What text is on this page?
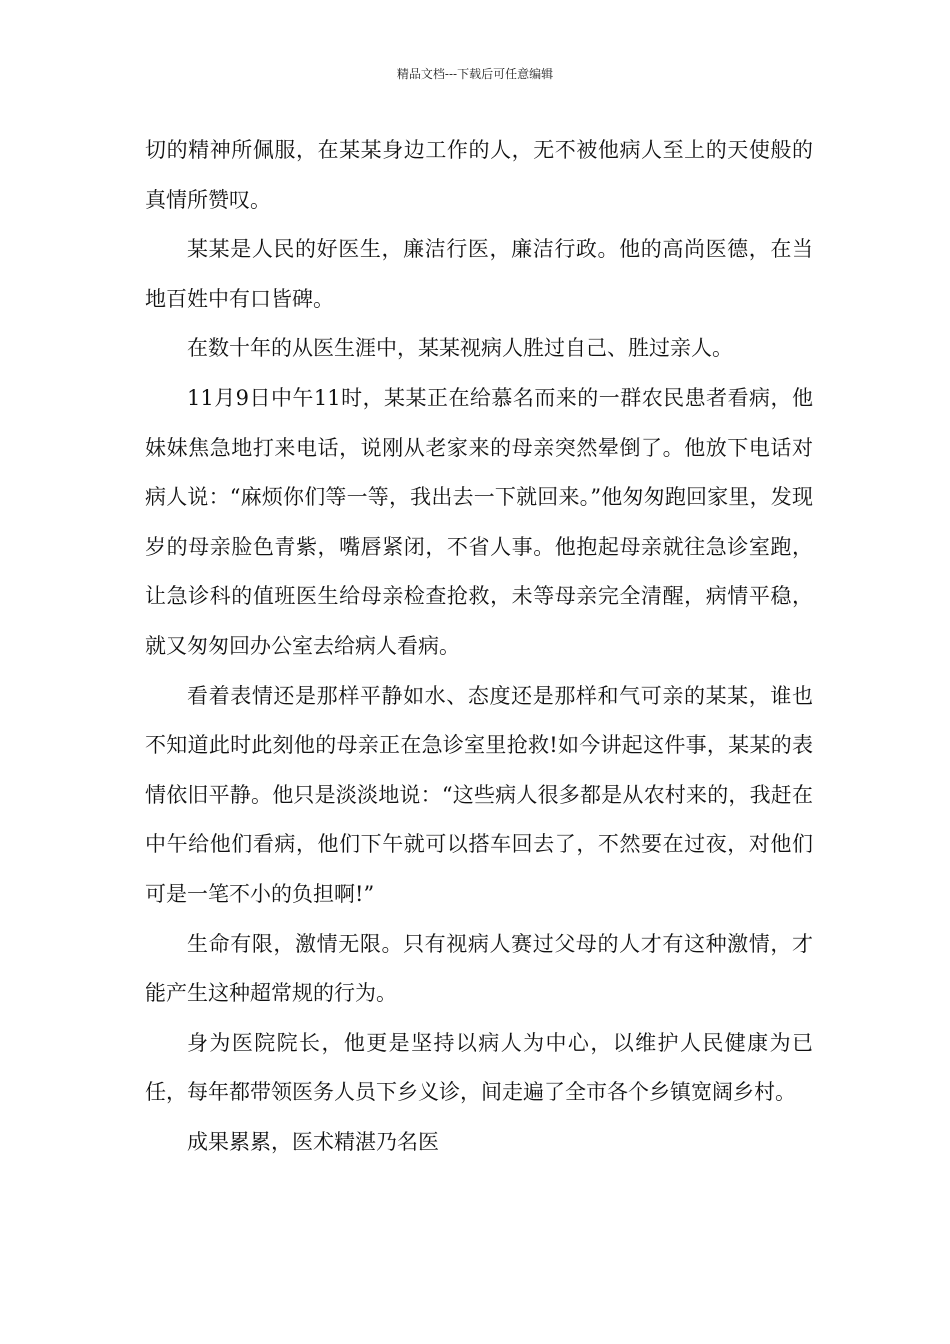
精品文档---下载后可任意编辑

切的精神所佩服，在某某身边工作的人，无不被他病人至上的天使般的真情所赞叹。

某某是人民的好医生，廉洁行医，廉洁行政。他的高尚医德，在当地百姓中有口皆碑。

在数十年的从医生涯中，某某视病人胜过自己、胜过亲人。

11月9日中午11时，某某正在给慕名而来的一群农民患者看病，他妹妹焦急地打来电话，说刚从老家来的母亲突然晕倒了。他放下电话对病人说：“麻烦你们等一等，我出去一下就回来。”他匆匆跑回家里，发现岁的母亲脸色青紫，嘴唇紧闭，不省人事。他抱起母亲就往急诊室跑，让急诊科的值班医生给母亲检查抢救，未等母亲完全清醒，病情平稳，就又匆匆回办公室去给病人看病。

看着表情还是那样平静如水、态度还是那样和气可亲的某某，谁也不知道此时此刻他的母亲正在急诊室里抢救!如今讲起这件事，某某的表情依旧平静。他只是淡淡地说：“这些病人很多都是从农村来的，我赶在中午给他们看病，他们下午就可以搭车回去了，不然要在过夜，对他们可是一笔不小的负担啊!”

生命有限，激情无限。只有视病人赛过父母的人才有这种激情，才能产生这种超常规的行为。

身为医院院长，他更是坚持以病人为中心，以维护人民健康为已任，每年都带领医务人员下乡义诊，间走遍了全市各个乡镇宽阔乡村。

成果累累，医术精湛乃名医
